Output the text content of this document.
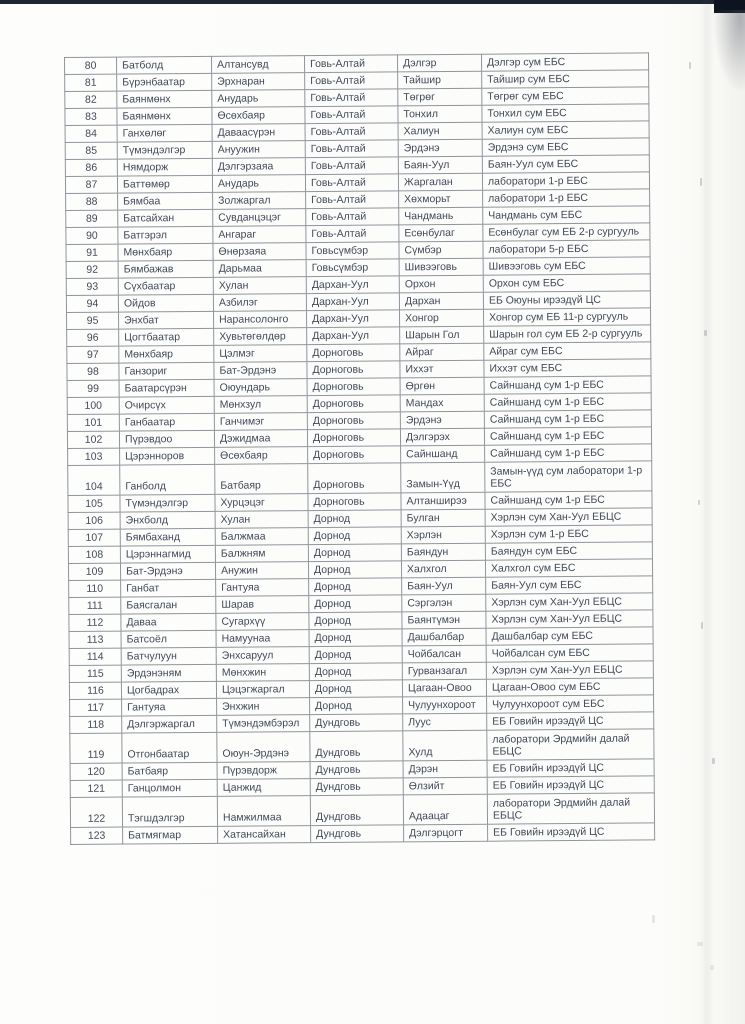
80	Батболд	Алтансувд	Говь-Алтай	Дэлгэр	Дэлгэр сум ЕБС
81	Бүрэнбаатар	Эрхнаран	Говь-Алтай	Тайшир	Тайшир сум ЕБС
82	Баянмөнх	Анударь	Говь-Алтай	Төгрөг	Төгрөг сум ЕБС
83	Баянмөнх	Өсөхбаяр	Говь-Алтай	Тонхил	Тонхил сум ЕБС
84	Ганхөлөг	Даваасүрэн	Говь-Алтай	Халиун	Халиун сум ЕБС
85	Түмэндэлгэр	Ануужин	Говь-Алтай	Эрдэнэ	Эрдэнэ сум ЕБС
86	Нямдорж	Дэлгэрзаяа	Говь-Алтай	Баян-Уул	Баян-Уул сум ЕБС
87	Баттөмөр	Анударь	Говь-Алтай	Жаргалан	лаборатори 1-р ЕБС
88	Бямбаа	Золжаргал	Говь-Алтай	Хөхморьт	лаборатори 1-р ЕБС
89	Батсайхан	Сувданцэцэг	Говь-Алтай	Чандмань	Чандмань сум ЕБС
90	Батгэрэл	Ангараг	Говь-Алтай	Есөнбулаг	Есөнбулаг сум ЕБ 2-р сургууль
91	Мөнхбаяр	Өнөрзаяа	Говьсүмбэр	Сүмбэр	лаборатори 5-р ЕБС
92	Бямбажав	Дарьмаа	Говьсүмбэр	Шивээговь	Шивээговь сум ЕБС
93	Сүхбаатар	Хулан	Дархан-Уул	Орхон	Орхон сум ЕБС
94	Ойдов	Азбилэг	Дархан-Уул	Дархан	ЕБ Оюуны ирээдүй ЦС
95	Энхбат	Нарансолонго	Дархан-Уул	Хонгор	Хонгор сум ЕБ 11-р сургууль
96	Цогтбаатар	Хувьтөгөлдөр	Дархан-Уул	Шарын Гол	Шарын гол сум ЕБ 2-р сургууль
97	Мөнхбаяр	Цэлмэг	Дорноговь	Айраг	Айраг сум ЕБС
98	Ганзориг	Бат-Эрдэнэ	Дорноговь	Иххэт	Иххэт сум ЕБС
99	Баатарсүрэн	Оюундарь	Дорноговь	Өргөн	Сайншанд сум 1-р ЕБС
100	Очирсүх	Мөнхзул	Дорноговь	Мандах	Сайншанд сум 1-р ЕБС
101	Ганбаатар	Ганчимэг	Дорноговь	Эрдэнэ	Сайншанд сум 1-р ЕБС
102	Пүрэвдоо	Дэжидмаа	Дорноговь	Дэлгэрэх	Сайншанд сум 1-р ЕБС
103	Цэрэнноров	Өсөхбаяр	Дорноговь	Сайншанд	Сайншанд сум 1-р ЕБС
104	Ганболд	Батбаяр	Дорноговь	Замын-Үүд	Замын-үүд сум лаборатори 1-р ЕБС
105	Түмэндэлгэр	Хурцэцэг	Дорноговь	Алтанширээ	Сайншанд сум 1-р ЕБС
106	Энхболд	Хулан	Дорнод	Булган	Хэрлэн сум Хан-Уул ЕБЦС
107	Бямбаханд	Балжмаа	Дорнод	Хэрлэн	Хэрлэн сум 1-р ЕБС
108	Цэрэннагмид	Балжням	Дорнод	Баяндун	Баяндун сум ЕБС
109	Бат-Эрдэнэ	Анужин	Дорнод	Халхгол	Халхгол сум ЕБС
110	Ганбат	Гантуяа	Дорнод	Баян-Уул	Баян-Уул сум ЕБС
111	Баясгалан	Шарав	Дорнод	Сэргэлэн	Хэрлэн сум Хан-Уул ЕБЦС
112	Даваа	Сугархүү	Дорнод	Баянтүмэн	Хэрлэн сум Хан-Уул ЕБЦС
113	Батсоёл	Намуунаа	Дорнод	Дашбалбар	Дашбалбар сум ЕБС
114	Батчулуун	Энхсаруул	Дорнод	Чойбалсан	Чойбалсан сум ЕБС
115	Эрдэнэням	Мөнхжин	Дорнод	Гурванзагал	Хэрлэн сум Хан-Уул ЕБЦС
116	Цогбадрах	Цэцэгжаргал	Дорнод	Цагаан-Овоо	Цагаан-Овоо сум ЕБС
117	Гантуяа	Энхжин	Дорнод	Чулуунхороот	Чулуунхороот сум ЕБС
118	Дэлгэржаргал	Түмэндэмбэрэл	Дундговь	Луус	ЕБ Говийн ирээдүй ЦС
119	Отгонбаатар	Оюун-Эрдэнэ	Дундговь	Хулд	лаборатори Эрдмийн далай ЕБЦС
120	Батбаяр	Пүрэвдорж	Дундговь	Дэрэн	ЕБ Говийн ирээдүй ЦС
121	Ганцолмон	Цанжид	Дундговь	Өлзийт	ЕБ Говийн ирээдүй ЦС
122	Тэгшдэлгэр	Намжилмаа	Дундговь	Адаацаг	лаборатори Эрдмийн далай ЕБЦС
123	Батмягмар	Хатансайхан	Дундговь	Дэлгэрцогт	ЕБ Говийн ирээдүй ЦС
